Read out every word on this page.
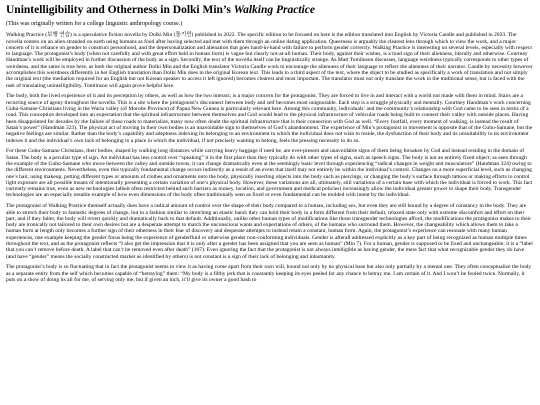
Unintelligibility and Otherness in Dolki Min’s Walking Practice

(This was originally written for a college linguistic anthropology course.)

Walking Practice (보행 연습) is a speculative fiction novella by Dolki Min (돌기민) published in 2022. The specific edition to be focused on here is the edition translated into English by Victoria Caudle and published in 2023. The novella centers on an alien stranded on earth using humans as food after having selected and met with them through an online dating application. Queerness is arguably the clearest lens through which to view the work, and a major concern of it is reliance on gender to construct personhood, and the depersonalization and alienation that goes hand-in-hand with failure to perform gender correctly. Walking Practice is interesting on several levels, especially with respect to language. The protagonist’s body (when not carefully and with great effort held in human form) is vague but clearly not-at-all human. Their body, against their wishes, is a loud sign of their alienness, literally and otherwise. Courtney Handman’s work will be employed in further discussion of the body as a sign. Secondly, the text of the novella itself can be linguistically strange. As Matt Tomlinson discusses, language weirdness typically corresponds to other types of weirdness, and the same is true here, as both the original author Dolki Min and the English translator Victoria Caudle work to encourage the alienness of their language to reflect the alienness of their narrator. Caudle by necessity however accomplishes this weirdness differently in her English translation than Dolki Min does in the original Korean text. This leads to a third aspect of the text, where the object to be studied as specifically a work of translation and not simply the original text (the mediation required for an English but not Korean speaker to access it left ignored) becomes clearest and most important. The translator must not only translate the work in the traditional sense, but is faced with the task of translating unintelligibility. Tomlinson will again prove helpful here.

The body, both the lived experience of it and its perception by others, as well as how the two interact, is a major concern for the protagonist. They are forced to live in and interact with a world not made with them in mind. Stairs are a recurring source of agony throughout the novella. This is a site where the protagonist’s disconnect between body and self becomes most unignorable. Each step is a struggle physically and mentally. Courtney Handman’s work concerning Guhu-Samane Christians living in the Waria valley (of Morobe Province) of Papua New Guinea is particularly relevant here. Among this community, individuals’ and the community’s relationship with God came to be seen in terms of a road. This conception developed into an expectation that the spiritual infrastructure between themselves and God would lead to the physical infrastructure of vehicular roads being built to connect their valley with outside places. Having been disappointed for decades by the failure of these roads to materialize, many now often doubt the spiritual infrastructure that is their connection with God as well. “Every footfall, every moment of walking, is instead the result of Satan’s power” (Handman 323). The physical act of moving in their own bodies is an unavoidable sign to themselves of God’s abandonment. The experience of Min’s protagonist in movement is opposite that of the Guhu-Samane, but the negative feelings are similar. Rather than the body’s capability and adeptness indexing its belonging to an environment in which the individual does not wish to reside, the dysfunction of their body and its unsuitability to its environment indexes it and the individual’s own lack of belonging to a place in which the individual, if not precisely wanting to belong, feels the pressing necessity to do so.

For these Guhu-Samane Christians, their bodies, shaped by walking long distances while carrying heavy baggage if need be, are ever-present and unavoidable signs of them being forsaken by God and instead residing in the domain of Satan. The body is a peculiar type of sign. An individual has less control over “speaking” it in the first place than they typically do with other types of signs, such as speech signs. The body is not an entirely fixed object; as seen through the example of the Guhu-Samane who move between the valley and outside towns, it can change dramatically even at the seemingly basic level through experiencing “radical changes in weight and musculature” (Handman 324) owing to the different environments. Nevertheless, even this typically fundamental change occurs indirectly as a result of an event that itself may not entirely be within the individual’s control. Changes on a more superficial level, such as changing one’s hair, using makeup, putting different types or amounts of clothes and ornaments onto the body, physically inserting objects into the body such as piercings, or changing the body’s surface through tattoos or making efforts to control light exposure are all possible means of intentionally presenting a certain variation of one’s physical body. However, these variations are all, ultimately, still variations of a certain base with which the individual is forced to work. This fact currently remains true, even as new technologies (albeit often restricted behind such barriers as money, location, and government and medical policies) increasingly allow the individual greater power to shape their body. Transgender technologies are an especially notable example of how even dimensions of the body often traditionally seen as fixed or even fundamental can be molded with intent by the individual.

The protagonist of Walking Practice themself actually does have a radical amount of control over the shape of their body compared to a human, including sex, but even they are still bound by a degree of constancy in the body. They are able to stretch their body to fantastic degrees of change, but in a fashion similar to stretching an elastic band; they can hold their body in a form different from their default, relaxed state only with extreme discomfort and effort on their part, and if they falter, the body will revert quickly and dramatically back to that default. Additionally, unlike other human types of modifications like those transgender technologies afford, the modifications the protagonist makes to their body are ironically not tailored to their own desires but are a desperate attempt to match the unconscious wants and expectations of others, of the humans who surround them. However, the changeability which allows them to take a human form at length only becomes a further sign of their otherness in their fear of discovery and desperate attempts to instead retain a constant, human form. Again, the protagonist’s experience can resonate with many human experiences, one example keeping the gender focus being the experience of genderfluid or otherwise gender non-conforming individuals. Gender is afterall addressed explicitly as a key part of being recognized as human multiple times throughout the text, and as the protagonist reflects “I also get the impression that it is only after a gender has been assigned that you are seen as human” (Min 7). For a human, gender is supposed to be fixed and unchangeable; it is a “label that you can’t remove before death. A label that can’t be removed even after death” (107). Even ignoring the fact that the protagonist is not always intelligible as having gender, the mere fact that what recognizable gender they do have (and have “gender” means the socially constructed marker as identified by others) is not constant is a sign of their lack of belonging and inhumanity.

The protagonist’s body is so fluctuating that in fact the protagonist seems to view it as having come apart from their own will, bound not only by no physical base but also only partially by a mental one. They often conceptualize the body as a separate entity from the self which becomes capable of “betraying” them: “My body is a filthy jerk that is constantly keeping its eyes peeled for any chance to betray me. I am certain of it. And I won’t be fooled twice. Normally, it puts on a show of doing its all for me, of serving only me, but if given an inch, it’ll give its owner a good bash to
